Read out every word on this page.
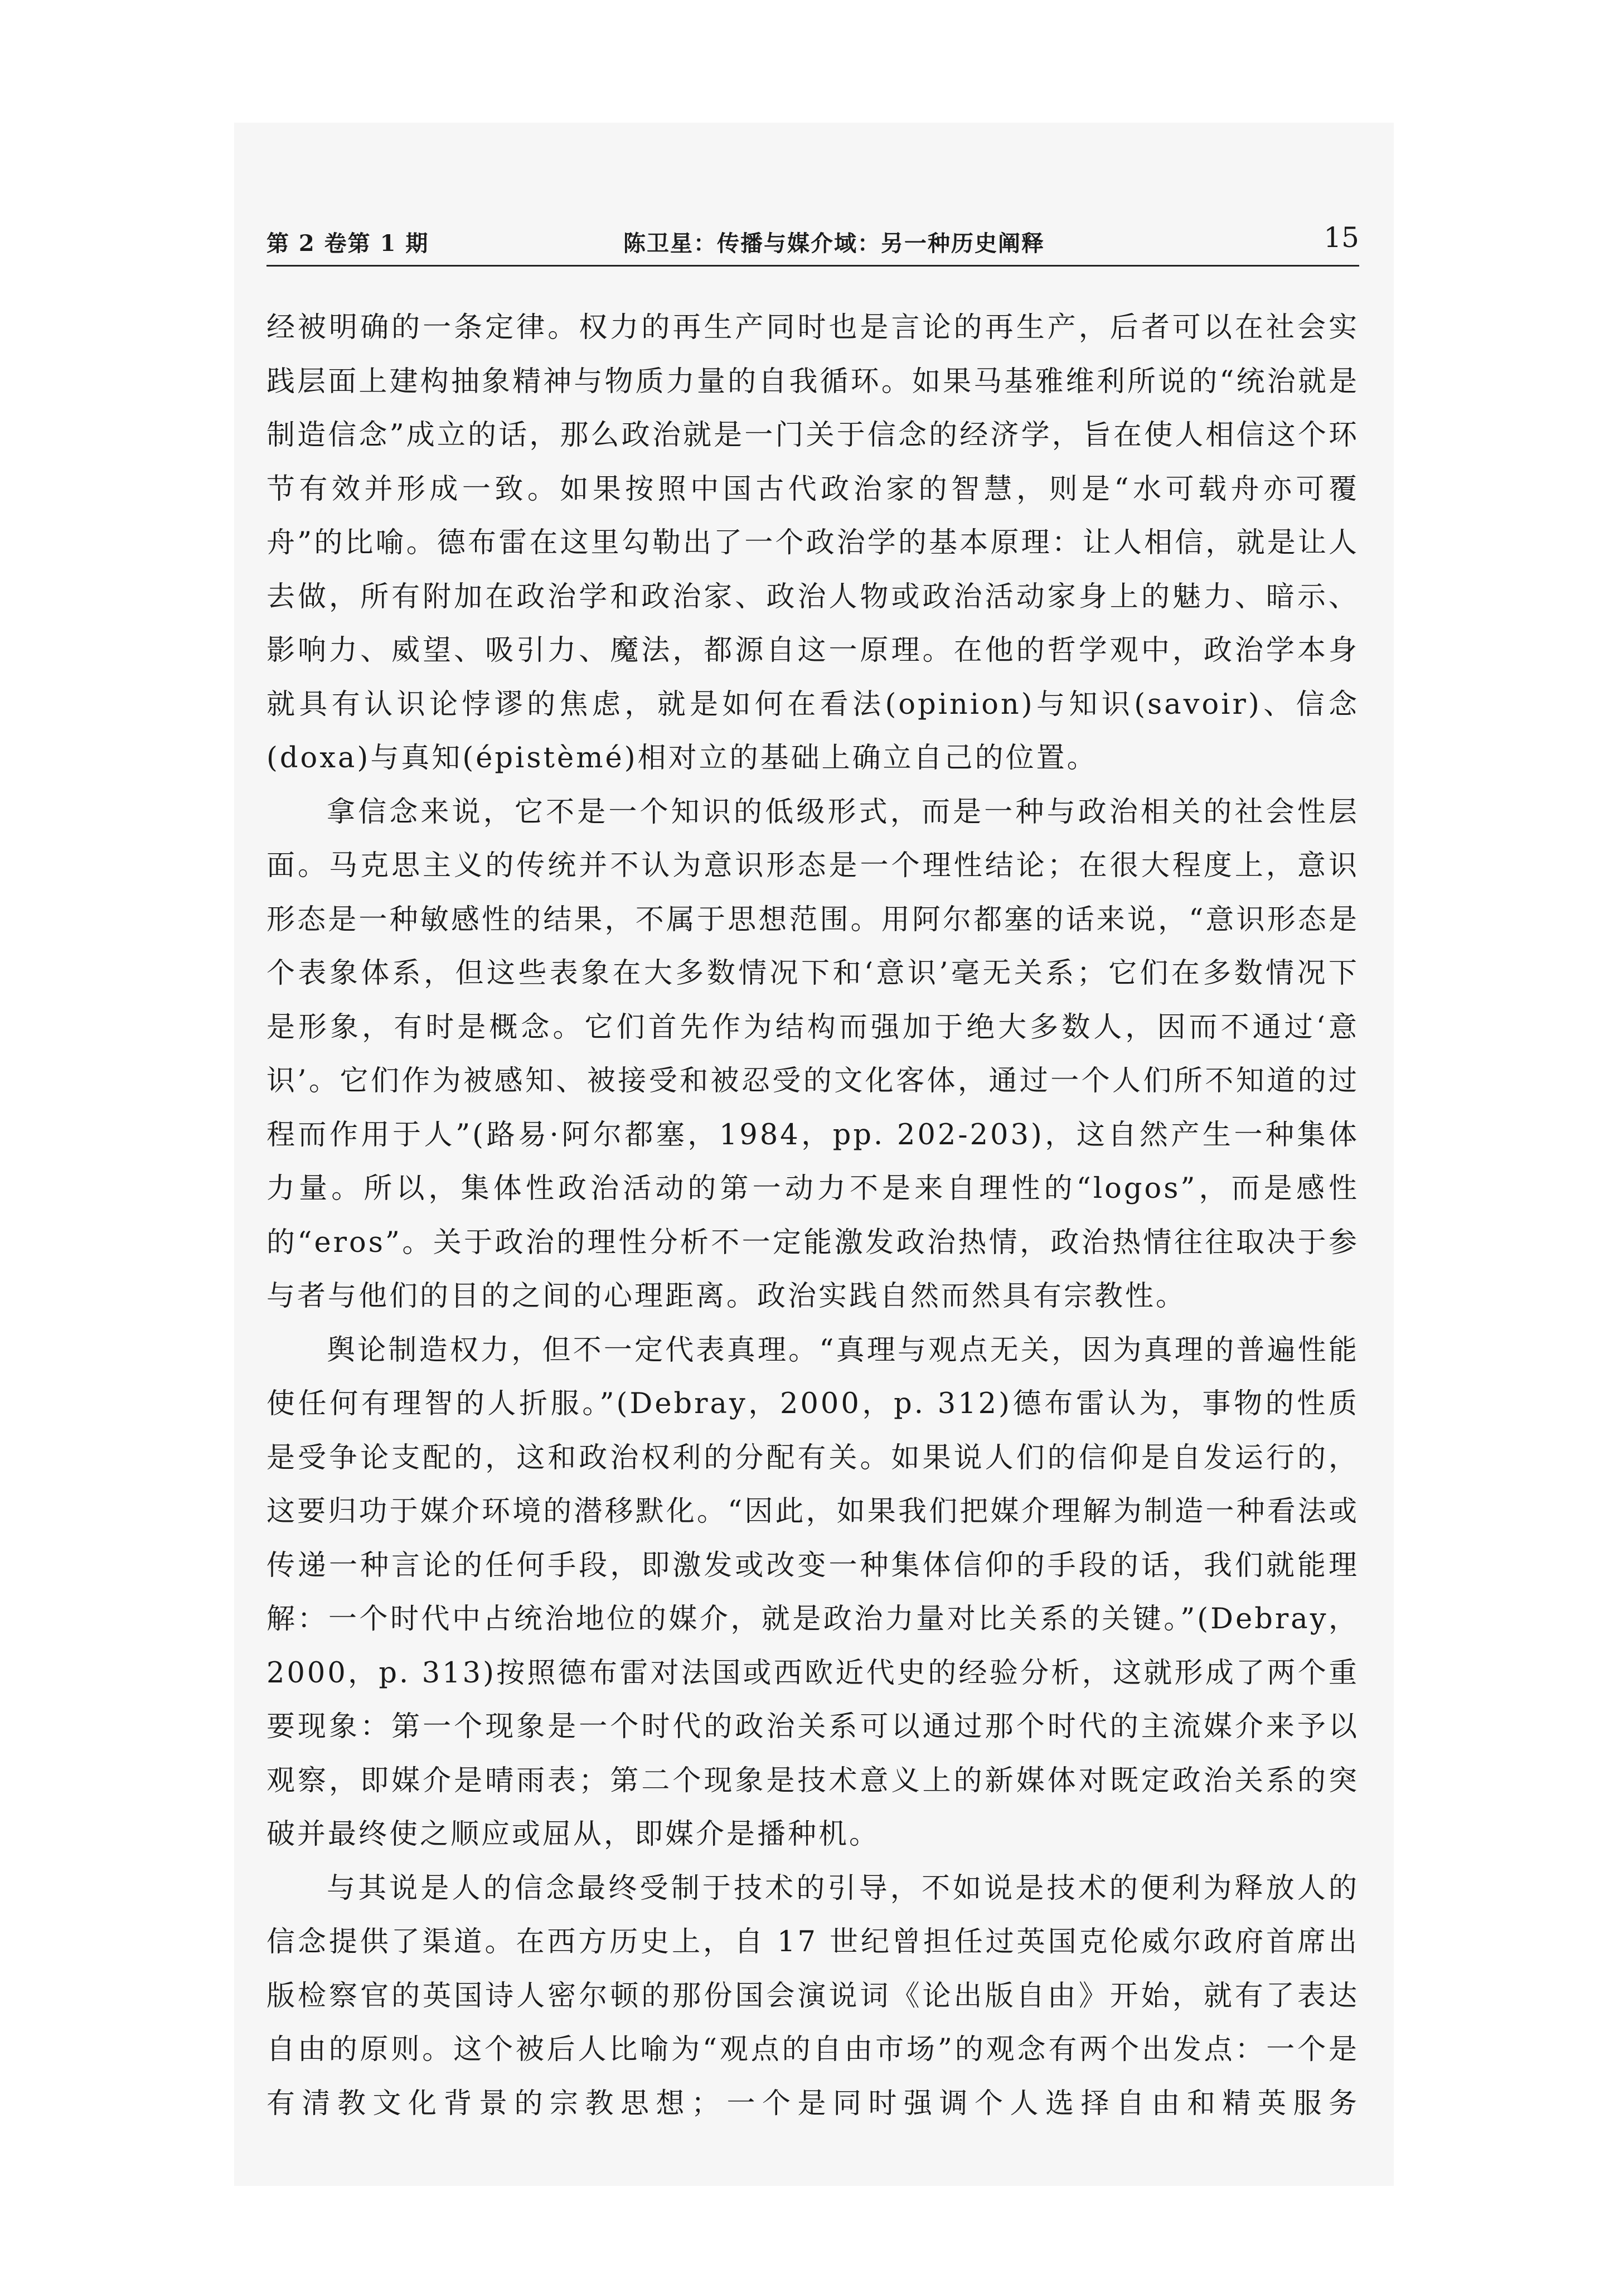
第 2 卷第 1 期	陈卫星：传播与媒介域：另一种历史阐释	15

经被明确的一条定律。权力的再生产同时也是言论的再生产，后者可以在社会实践层面上建构抽象精神与物质力量的自我循环。如果马基雅维利所说的“统治就是制造信念”成立的话，那么政治就是一门关于信念的经济学，旨在使人相信这个环节有效并形成一致。如果按照中国古代政治家的智慧，则是“水可载舟亦可覆舟”的比喻。德布雷在这里勾勒出了一个政治学的基本原理：让人相信，就是让人去做，所有附加在政治学和政治家、政治人物或政治活动家身上的魅力、暗示、影响力、威望、吸引力、魔法，都源自这一原理。在他的哲学观中，政治学本身就具有认识论悖谬的焦虑，就是如何在看法(opinion)与知识(savoir)、信念(doxa)与真知(épistèmé)相对立的基础上确立自己的位置。

拿信念来说，它不是一个知识的低级形式，而是一种与政治相关的社会性层面。马克思主义的传统并不认为意识形态是一个理性结论；在很大程度上，意识形态是一种敏感性的结果，不属于思想范围。用阿尔都塞的话来说，“意识形态是个表象体系，但这些表象在大多数情况下和‘意识’毫无关系；它们在多数情况下是形象，有时是概念。它们首先作为结构而强加于绝大多数人，因而不通过‘意识’。它们作为被感知、被接受和被忍受的文化客体，通过一个人们所不知道的过程而作用于人”(路易·阿尔都塞，1984，pp. 202-203)，这自然产生一种集体力量。所以，集体性政治活动的第一动力不是来自理性的“logos”，而是感性的“eros”。关于政治的理性分析不一定能激发政治热情，政治热情往往取决于参与者与他们的目的之间的心理距离。政治实践自然而然具有宗教性。

舆论制造权力，但不一定代表真理。“真理与观点无关，因为真理的普遍性能使任何有理智的人折服。”(Debray，2000，p. 312)德布雷认为，事物的性质是受争论支配的，这和政治权利的分配有关。如果说人们的信仰是自发运行的，这要归功于媒介环境的潜移默化。“因此，如果我们把媒介理解为制造一种看法或传递一种言论的任何手段，即激发或改变一种集体信仰的手段的话，我们就能理解：一个时代中占统治地位的媒介，就是政治力量对比关系的关键。”(Debray，2000，p. 313)按照德布雷对法国或西欧近代史的经验分析，这就形成了两个重要现象：第一个现象是一个时代的政治关系可以通过那个时代的主流媒介来予以观察，即媒介是晴雨表；第二个现象是技术意义上的新媒体对既定政治关系的突破并最终使之顺应或屈从，即媒介是播种机。

与其说是人的信念最终受制于技术的引导，不如说是技术的便利为释放人的信念提供了渠道。在西方历史上，自 17 世纪曾担任过英国克伦威尔政府首席出版检察官的英国诗人密尔顿的那份国会演说词《论出版自由》开始，就有了表达自由的原则。这个被后人比喻为“观点的自由市场”的观念有两个出发点：一个是有清教文化背景的宗教思想；一个是同时强调个人选择自由和精英服务
